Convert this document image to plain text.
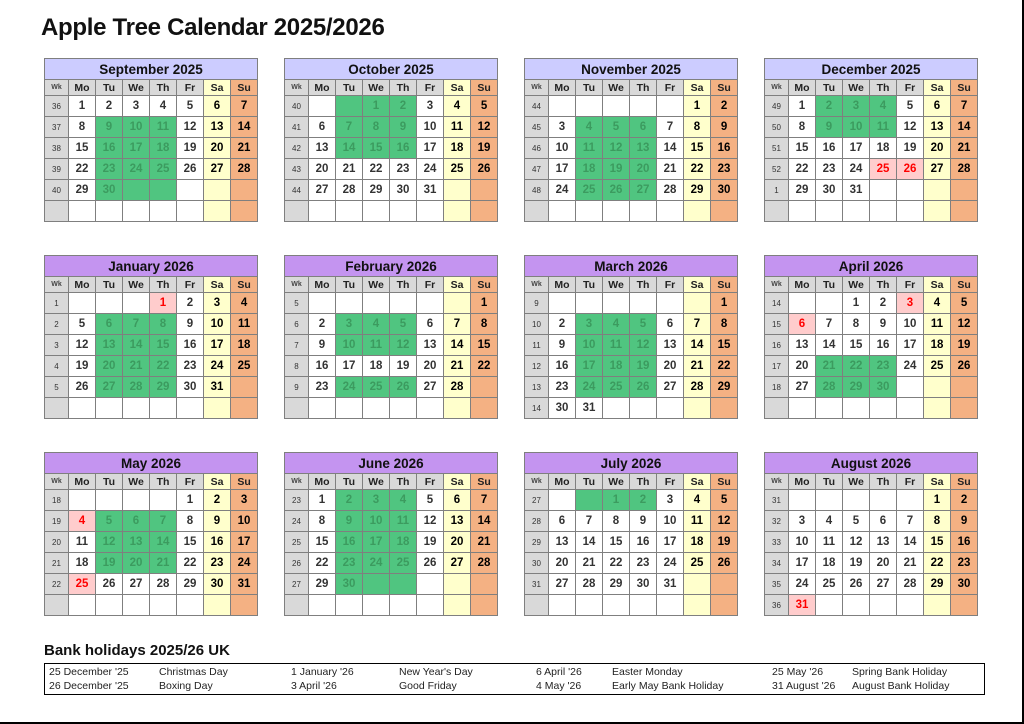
Apple Tree Calendar 2025/2026
September 2025							
Wk	Mo	Tu	We	Th	Fr	Sa	Su
36	1	2	3	4	5	6	7
37	8	9	10	11	12	13	14
38	15	16	17	18	19	20	21
39	22	23	24	25	26	27	28
40	29	30					

October 2025							
Wk	Mo	Tu	We	Th	Fr	Sa	Su
40			1	2	3	4	5
41	6	7	8	9	10	11	12
42	13	14	15	16	17	18	19
43	20	21	22	23	24	25	26
44	27	28	29	30	31		

November 2025							
Wk	Mo	Tu	We	Th	Fr	Sa	Su
44						1	2
45	3	4	5	6	7	8	9
46	10	11	12	13	14	15	16
47	17	18	19	20	21	22	23
48	24	25	26	27	28	29	30

December 2025							
Wk	Mo	Tu	We	Th	Fr	Sa	Su
49	1	2	3	4	5	6	7
50	8	9	10	11	12	13	14
51	15	16	17	18	19	20	21
52	22	23	24	25	26	27	28
1	29	30	31				

January 2026							
Wk	Mo	Tu	We	Th	Fr	Sa	Su
1				1	2	3	4
2	5	6	7	8	9	10	11
3	12	13	14	15	16	17	18
4	19	20	21	22	23	24	25
5	26	27	28	29	30	31	

February 2026							
Wk	Mo	Tu	We	Th	Fr	Sa	Su
5							1
6	2	3	4	5	6	7	8
7	9	10	11	12	13	14	15
8	16	17	18	19	20	21	22
9	23	24	25	26	27	28	

March 2026							
Wk	Mo	Tu	We	Th	Fr	Sa	Su
9							1
10	2	3	4	5	6	7	8
11	9	10	11	12	13	14	15
12	16	17	18	19	20	21	22
13	23	24	25	26	27	28	29
14	30	31					
April 2026							
Wk	Mo	Tu	We	Th	Fr	Sa	Su
14			1	2	3	4	5
15	6	7	8	9	10	11	12
16	13	14	15	16	17	18	19
17	20	21	22	23	24	25	26
18	27	28	29	30			

May 2026							
Wk	Mo	Tu	We	Th	Fr	Sa	Su
18					1	2	3
19	4	5	6	7	8	9	10
20	11	12	13	14	15	16	17
21	18	19	20	21	22	23	24
22	25	26	27	28	29	30	31

June 2026							
Wk	Mo	Tu	We	Th	Fr	Sa	Su
23	1	2	3	4	5	6	7
24	8	9	10	11	12	13	14
25	15	16	17	18	19	20	21
26	22	23	24	25	26	27	28
27	29	30					

July 2026							
Wk	Mo	Tu	We	Th	Fr	Sa	Su
27			1	2	3	4	5
28	6	7	8	9	10	11	12
29	13	14	15	16	17	18	19
30	20	21	22	23	24	25	26
31	27	28	29	30	31		

August 2026							
Wk	Mo	Tu	We	Th	Fr	Sa	Su
31						1	2
32	3	4	5	6	7	8	9
33	10	11	12	13	14	15	16
34	17	18	19	20	21	22	23
35	24	25	26	27	28	29	30
36	31						
Bank holidays 2025/26 UK
25 December '25	Christmas Day	1 January '26	New Year's Day	6 April '26	Easter Monday	25 May '26	Spring Bank Holiday
26 December '25	Boxing Day	3 April '26	Good Friday	4 May '26	Early May Bank Holiday	31 August '26	August Bank Holiday
